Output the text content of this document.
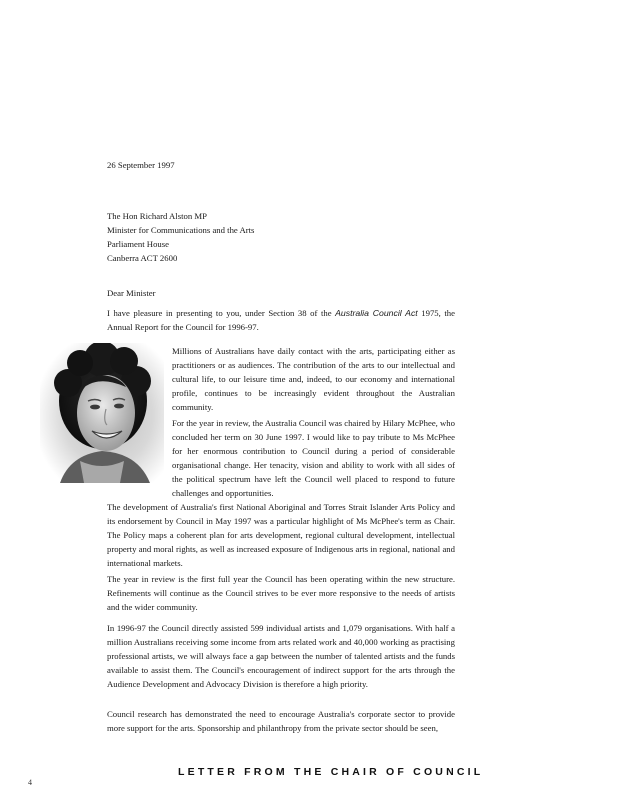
26 September 1997

The Hon Richard Alston MP
Minister for Communications and the Arts
Parliament House
Canberra ACT 2600

Dear Minister

I have pleasure in presenting to you, under Section 38 of the Australia Council Act 1975, the Annual Report for the Council for 1996-97.

Millions of Australians have daily contact with the arts, participating either as practitioners or as audiences. The contribution of the arts to our intellectual and cultural life, to our leisure time and, indeed, to our economy and international profile, continues to be increasingly evident throughout the Australian community.

For the year in review, the Australia Council was chaired by Hilary McPhee, who concluded her term on 30 June 1997. I would like to pay tribute to Ms McPhee for her enormous contribution to Council during a period of considerable organisational change. Her tenacity, vision and ability to work with all sides of the political spectrum have left the Council well placed to respond to future challenges and opportunities.

The development of Australia's first National Aboriginal and Torres Strait Islander Arts Policy and its endorsement by Council in May 1997 was a particular highlight of Ms McPhee's term as Chair. The Policy maps a coherent plan for arts development, regional cultural development, intellectual property and moral rights, as well as increased exposure of Indigenous arts in regional, national and international markets.

The year in review is the first full year the Council has been operating within the new structure. Refinements will continue as the Council strives to be ever more responsive to the needs of artists and the wider community.

In 1996-97 the Council directly assisted 599 individual artists and 1,079 organisations. With half a million Australians receiving some income from arts related work and 40,000 working as practising professional artists, we will always face a gap between the number of talented artists and the funds available to assist them. The Council's encouragement of indirect support for the arts through the Audience Development and Advocacy Division is therefore a high priority.

Council research has demonstrated the need to encourage Australia's corporate sector to provide more support for the arts. Sponsorship and philanthropy from the private sector should be seen,

4
LETTER FROM THE CHAIR OF COUNCIL
